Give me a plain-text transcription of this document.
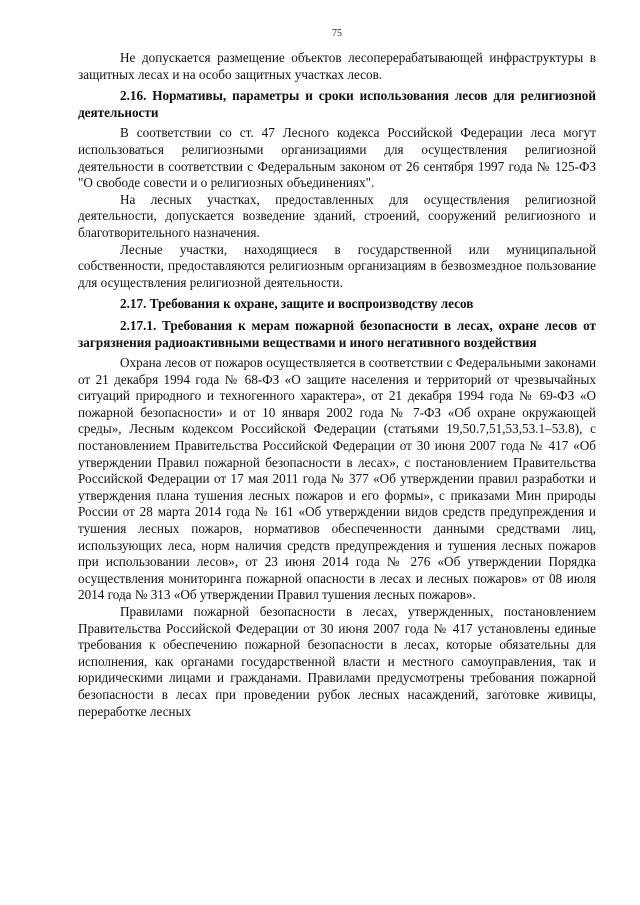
75

Не допускается размещение объектов лесоперерабатывающей инфраструктуры в защитных лесах и на особо защитных участках лесов.

2.16. Нормативы, параметры и сроки использования лесов для религиозной деятельности

В соответствии со ст. 47 Лесного кодекса Российской Федерации леса могут использоваться религиозными организациями для осуществления религиозной деятельности в соответствии с Федеральным законом от 26 сентября 1997 года № 125-ФЗ "О свободе совести и о религиозных объединениях".

На лесных участках, предоставленных для осуществления религиозной деятельности, допускается возведение зданий, строений, сооружений религиозного и благотворительного назначения.

Лесные участки, находящиеся в государственной или муниципальной собственности, предоставляются религиозным организациям в безвозмездное пользование для осуществления религиозной деятельности.

2.17. Требования к охране, защите и воспроизводству лесов
2.17.1. Требования к мерам пожарной безопасности в лесах, охране лесов от загрязнения радиоактивными веществами и иного негативного воздействия

Охрана лесов от пожаров осуществляется в соответствии с Федеральными законами от 21 декабря 1994 года № 68-ФЗ «О защите населения и территорий от чрезвычайных ситуаций природного и техногенного характера», от 21 декабря 1994 года № 69-ФЗ «О пожарной безопасности» и от 10 января 2002 года № 7-ФЗ «Об охране окружающей среды», Лесным кодексом Российской Федерации (статьями 19,50.7,51,53,53.1–53.8), с постановлением Правительства Российской Федерации от 30 июня 2007 года № 417 «Об утверждении Правил пожарной безопасности в лесах», с постановлением Правительства Российской Федерации от 17 мая 2011 года № 377 «Об утверждении правил разработки и утверждения плана тушения лесных пожаров и его формы», с приказами Мин природы России от 28 марта 2014 года № 161 «Об утверждении видов средств предупреждения и тушения лесных пожаров, нормативов обеспеченности данными средствами лиц, использующих леса, норм наличия средств предупреждения и тушения лесных пожаров при использовании лесов», от 23 июня 2014 года № 276 «Об утверждении Порядка осуществления мониторинга пожарной опасности в лесах и лесных пожаров» от 08 июля 2014 года № 313 «Об утверждении Правил тушения лесных пожаров».

Правилами пожарной безопасности в лесах, утвержденных, постановлением Правительства Российской Федерации от 30 июня 2007 года № 417 установлены единые требования к обеспечению пожарной безопасности в лесах, которые обязательны для исполнения, как органами государственной власти и местного самоуправления, так и юридическими лицами и гражданами. Правилами предусмотрены требования пожарной безопасности в лесах при проведении рубок лесных насаждений, заготовке живицы, переработке лесных
